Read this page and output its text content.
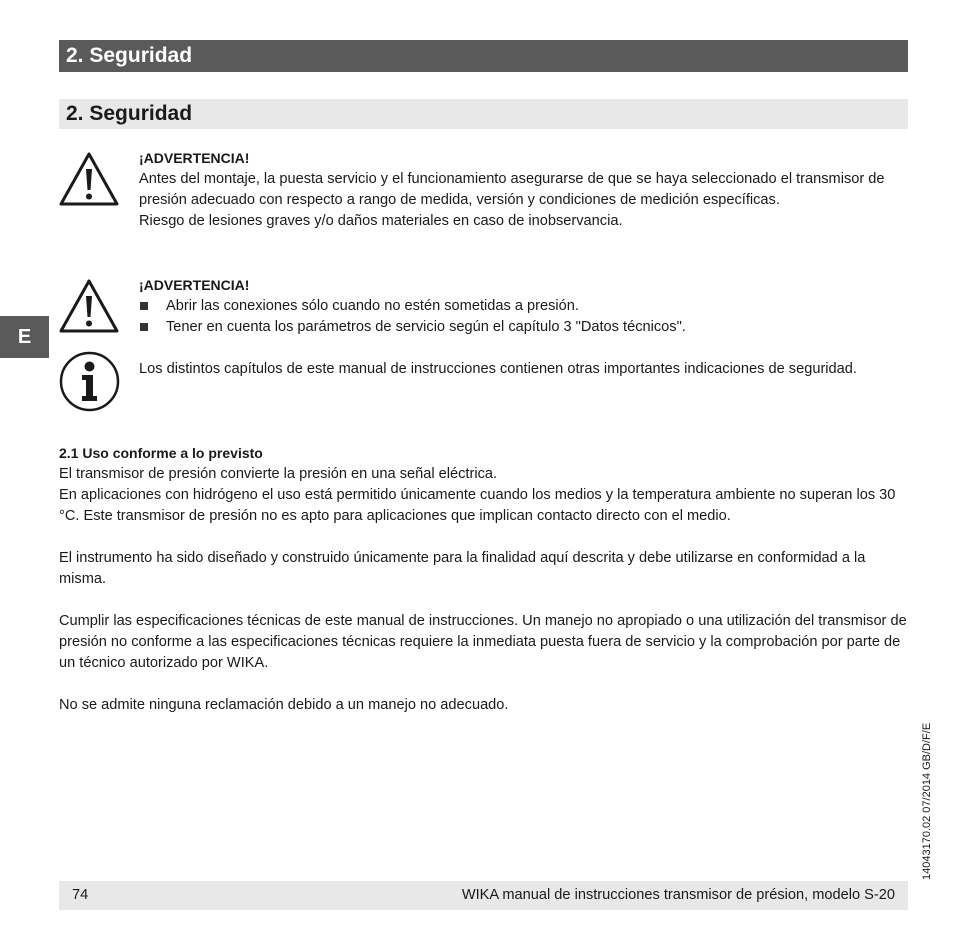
2. Seguridad
2. Seguridad
E
¡ADVERTENCIA!
Antes del montaje, la puesta servicio y el funcionamiento asegurarse de que se haya seleccionado el transmisor de presión adecuado con respecto a rango de medida, versión y condiciones de medición específicas.
Riesgo de lesiones graves y/o daños materiales en caso de inobservancia.
¡ADVERTENCIA!
Abrir las conexiones sólo cuando no estén sometidas a presión.
Tener en cuenta los parámetros de servicio según el capítulo 3 "Datos técnicos".
Los distintos capítulos de este manual de instrucciones contienen otras importantes indicaciones de seguridad.
2.1 Uso conforme a lo previsto

El transmisor de presión convierte la presión en una señal eléctrica.

En aplicaciones con hidrógeno el uso está permitido únicamente cuando los medios y la temperatura ambiente no superan los 30 °C. Este transmisor de presión no es apto para aplicaciones que implican contacto directo con el medio.

El instrumento ha sido diseñado y construido únicamente para la finalidad aquí descrita y debe utilizarse en conformidad a la misma.

Cumplir las especificaciones técnicas de este manual de instrucciones. Un manejo no apropiado o una utilización del transmisor de presión no conforme a las especificaciones técnicas requiere la inmediata puesta fuera de servicio y la comprobación por parte de un técnico autorizado por WIKA.

No se admite ninguna reclamación debido a un manejo no adecuado.

14043170.02 07/2014 GB/D/F/E
74	WIKA manual de instrucciones transmisor de présion, modelo S-20
